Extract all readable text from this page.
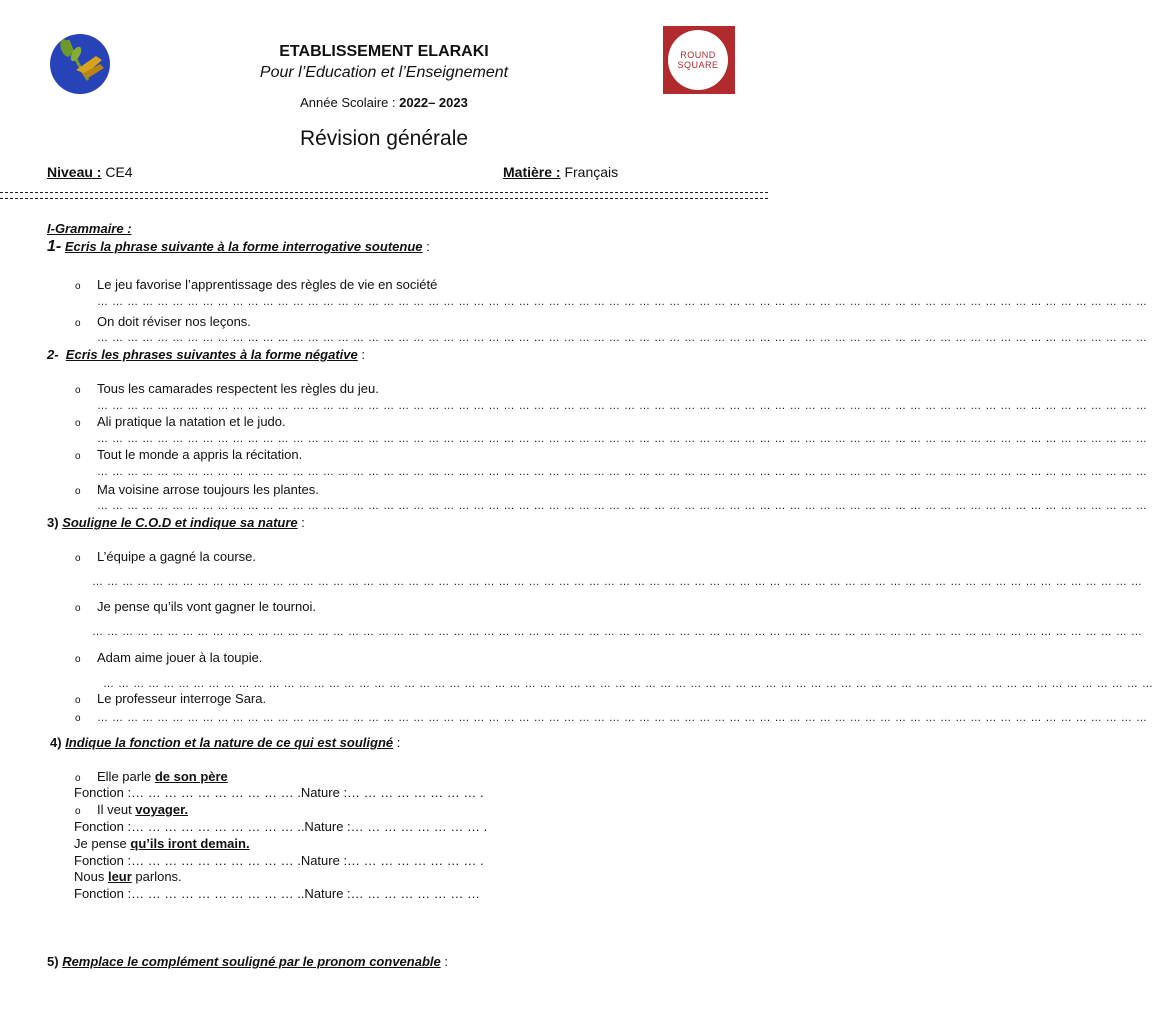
ROUND
SQUARE
ETABLISSEMENT ELARAKI
Pour l’Education et l’Enseignement
Année Scolaire : 2022– 2023
Révision générale
Niveau : CE4	Matière : Français
I-Grammaire :
1- Ecris la phrase suivante à la forme interrogative soutenue :
o Le jeu favorise l’apprentissage des règles de vie en société
… … … … … … … … … … … … … … … … … … … … … … … … … … … … … … … … … … … … … … … … … … … … … … … … … … … … … … … … … … … … … … … … … … … … … …
o On doit réviser nos leçons.
… … … … … … … … … … … … … … … … … … … … … … … … … … … … … … … … … … … … … … … … … … … … … … … … … … … … … … … … … … … … … … … … … … … … … …
2- Ecris les phrases suivantes à la forme négative :
o Tous les camarades respectent les règles du jeu.
… … … … … … … … … … … … … … … … … … … … … … … … … … … … … … … … … … … … … … … … … … … … … … … … … … … … … … … … … … … … … … … … … … … … … …
o Ali pratique la natation et le judo.
… … … … … … … … … … … … … … … … … … … … … … … … … … … … … … … … … … … … … … … … … … … … … … … … … … … … … … … … … … … … … … … … … … … … … …
o Tout le monde a appris la récitation.
… … … … … … … … … … … … … … … … … … … … … … … … … … … … … … … … … … … … … … … … … … … … … … … … … … … … … … … … … … … … … … … … … … … … … …
o Ma voisine arrose toujours les plantes.
… … … … … … … … … … … … … … … … … … … … … … … … … … … … … … … … … … … … … … … … … … … … … … … … … … … … … … … … … … … … … … … … … … … … … …
3) Souligne le C.O.D et indique sa nature :
o L’équipe a gagné la course.
… … … … … … … … … … … … … … … … … … … … … … … … … … … … … … … … … … … … … … … … … … … … … … … … … … … … … … … … … … … … … … … … … … … … … …
o Je pense qu’ils vont gagner le tournoi.
… … … … … … … … … … … … … … … … … … … … … … … … … … … … … … … … … … … … … … … … … … … … … … … … … … … … … … … … … … … … … … … … … … … … … …
o Adam aime jouer à la toupie.
… … … … … … … … … … … … … … … … … … … … … … … … … … … … … … … … … … … … … … … … … … … … … … … … … … … … … … … … … … … … … … … … … … … … … …
o Le professeur interroge Sara.
o … … … … … … … … … … … … … … … … … … … … … … … … … … … … … … … … … … … … … … … … … … … … … … … … … … … … … … … … … … … … … … … … … … … … … …
4) Indique la fonction et la nature de ce qui est souligné :
o Elle parle de son père
Fonction :… … … … … … … … … … .Nature :… … … … … … … … .
o Il veut voyager.
Fonction :… … … … … … … … … … ..Nature :… … … … … … … … .
Je pense qu’ils iront demain.
Fonction :… … … … … … … … … … .Nature :… … … … … … … … .
Nous leur parlons.
Fonction :… … … … … … … … … … ..Nature :… … … … … … … …
5) Remplace le complément souligné par le pronom convenable :
